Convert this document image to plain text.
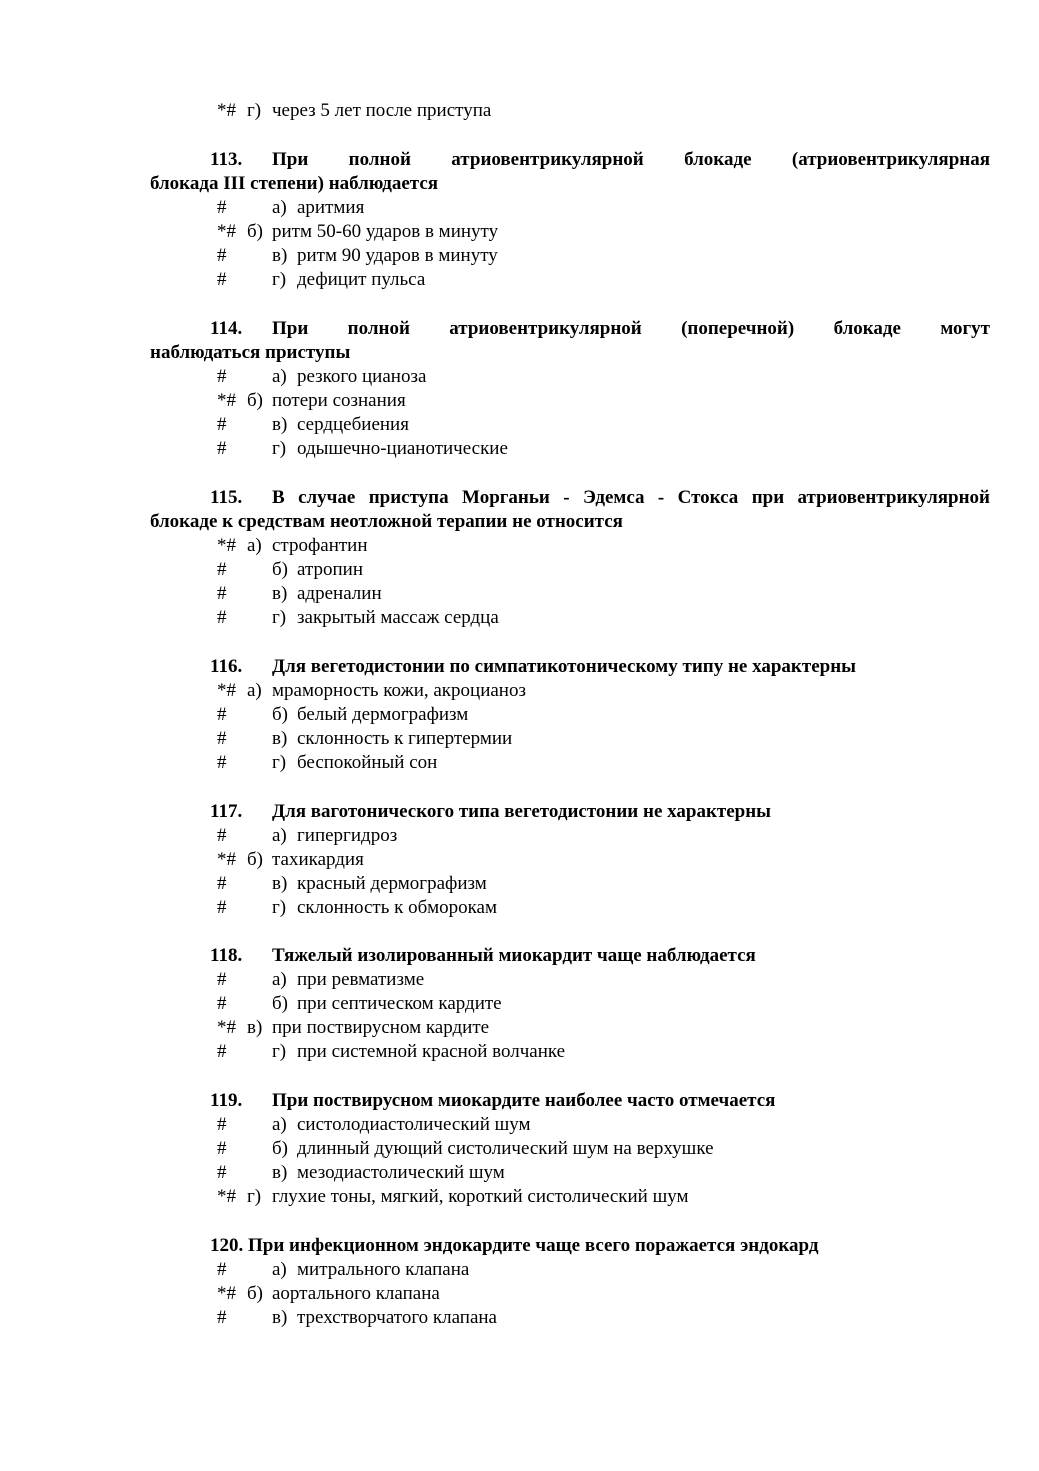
*# г) через 5 лет после приступа
113. При полной атриовентрикулярной блокаде (атриовентрикулярная
блокада III степени) наблюдается
# а) аритмия
*# б) ритм 50-60 ударов в минуту
# в) ритм 90 ударов в минуту
# г) дефицит пульса
114. При полной атриовентрикулярной (поперечной) блокаде могут
наблюдаться приступы
# а) резкого цианоза
*# б) потери сознания
# в) сердцебиения
# г) одышечно-цианотические
115. В случае приступа Морганьи - Эдемса - Стокса при атриовентрикулярной
блокаде к средствам неотложной терапии не относится
*# а) строфантин
# б) атропин
# в) адреналин
# г) закрытый массаж сердца
116. Для вегетодистонии по симпатикотоническому типу не характерны
*# а) мраморность кожи, акроцианоз
# б) белый дермографизм
# в) склонность к гипертермии
# г) беспокойный сон
117. Для ваготонического типа вегетодистонии не характерны
# а) гипергидроз
*# б) тахикардия
# в) красный дермографизм
# г) склонность к обморокам
118. Тяжелый изолированный миокардит чаще наблюдается
# а) при ревматизме
# б) при септическом кардите
*# в) при поствирусном кардите
# г) при системной красной волчанке
119. При поствирусном миокардите наиболее часто отмечается
# а) систолодиастолический шум
# б) длинный дующий систолический шум на верхушке
# в) мезодиастолический шум
*# г) глухие тоны, мягкий, короткий систолический шум
120. При инфекционном эндокардите чаще всего поражается эндокард
# а) митрального клапана
*# б) аортального клапана
# в) трехстворчатого клапана
